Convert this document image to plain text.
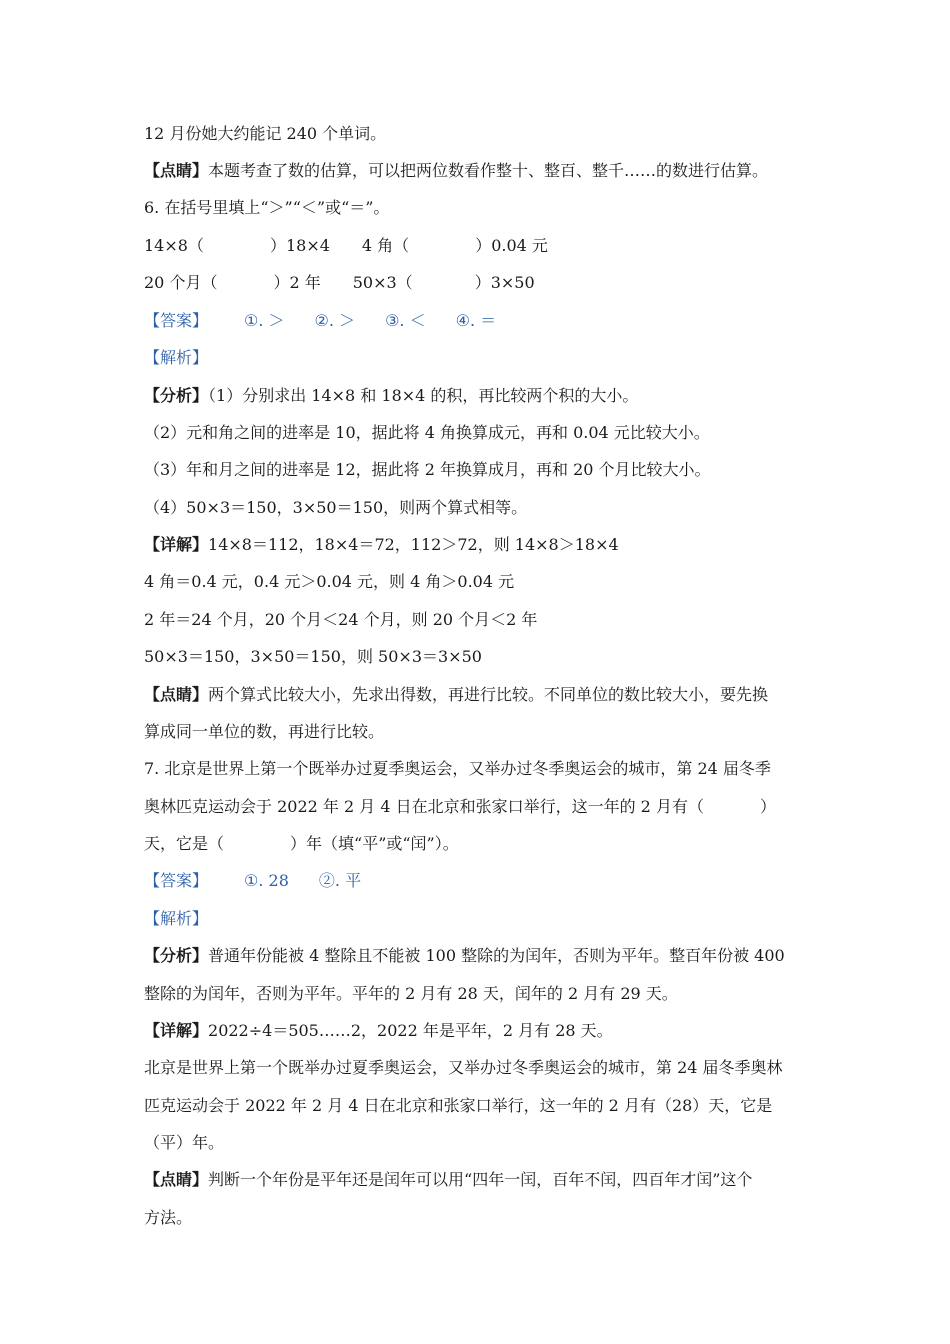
12 月份她大约能记 240 个单词。
【点睛】本题考查了数的估算，可以把两位数看作整十、整百、整千……的数进行估算。
6. 在括号里填上“＞”“＜”或“＝”。
14×8（	）18×4 4 角（	）0.04 元
20 个月（	）2 年 50×3（	）3×50
【答案】 ①. ＞ ②. ＞ ③. ＜ ④. ＝
【解析】
【分析】（1）分别求出 14×8 和 18×4 的积，再比较两个积的大小。
（2）元和角之间的进率是 10，据此将 4 角换算成元，再和 0.04 元比较大小。
（3）年和月之间的进率是 12，据此将 2 年换算成月，再和 20 个月比较大小。
（4）50×3＝150，3×50＝150，则两个算式相等。
【详解】14×8＝112，18×4＝72，112＞72，则 14×8＞18×4
4 角＝0.4 元，0.4 元＞0.04 元，则 4 角＞0.04 元
2 年＝24 个月，20 个月＜24 个月，则 20 个月＜2 年
50×3＝150，3×50＝150，则 50×3＝3×50
【点睛】两个算式比较大小，先求出得数，再进行比较。不同单位的数比较大小，要先换
算成同一单位的数，再进行比较。
7. 北京是世界上第一个既举办过夏季奥运会，又举办过冬季奥运会的城市，第 24 届冬季
奥林匹克运动会于 2022 年 2 月 4 日在北京和张家口举行，这一年的 2 月有（	）
天，它是（	）年（填“平”或“闰”）。
【答案】 ①. 28 ②. 平
【解析】
【分析】普通年份能被 4 整除且不能被 100 整除的为闰年，否则为平年。整百年份被 400
整除的为闰年，否则为平年。平年的 2 月有 28 天，闰年的 2 月有 29 天。
【详解】2022÷4＝505……2，2022 年是平年，2 月有 28 天。
北京是世界上第一个既举办过夏季奥运会，又举办过冬季奥运会的城市，第 24 届冬季奥林
匹克运动会于 2022 年 2 月 4 日在北京和张家口举行，这一年的 2 月有（28）天，它是
（平）年。
【点睛】判断一个年份是平年还是闰年可以用“四年一闰，百年不闰，四百年才闰”这个
方法。
